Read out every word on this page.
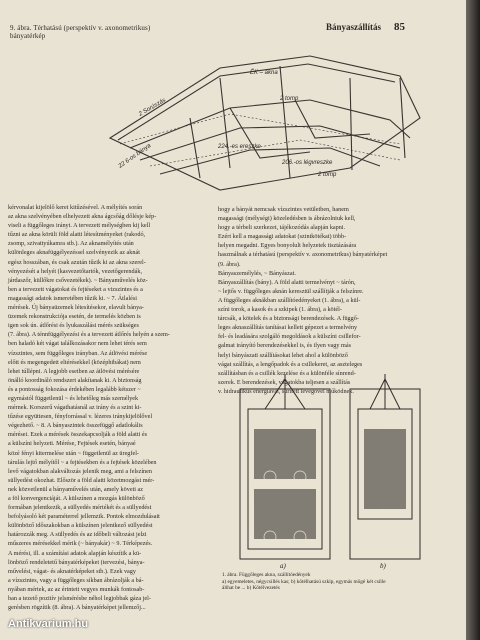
9. ábra. Térhatású (perspektív v. axonometrikus)
bányatérkép
Bányaszállítás 85
ÉK – akna
2 tomp
22 6-os bánya	224.-es ereszke
206.-os légvreszke
2 tomp
2 Sorúszás
kérvonalat kijelölő keret kitűzésével. A mélyítés során
az akna szelvényében elhelyezett akna ágcsőág dőlésje kép-
viseli a függőleges irányt. A tervezett mélységben kij kell
tűzni az akna körüli föld alatti létesítményeket (rakodó,
zsomp, szivattyúkamra stb.). Az aknamélyítés után
különleges aknafüggélyezéssel szelvényezik az aknát
egész hosszában, és csak azután tűzik ki az akna szerel-
vényezését a helyét (kasvezetőtartók, vezetőgerendák,
járdaszőr, küllőkre csővezetékek). ~ Bányaművelés köz-
ben a tervezett vágatokat és fejtéseket a vizszintes és a
magassági adatok ismeretében tűzik ki. ~ 7. Átlalési
mérések. Új bányaüzemek létesítésekor, elavult bánya-
üzemek rekonstrukciója esetén, de termelés közben is
igen sok ún. átlőrési és lyukaszálási mérés szükséges
(7. ábra). A ténnfüggélyezési és a tervezett átlőrés helyén a szem-
ben haladó két vágat találkozásakor nem lehet térés sem
vízszintes, sem függőleges irányban. Az átlövési mérése
előtt és megengedett eltérésekkel (középhibákat) nem
lehet túllépni. A legjobb esetben az átlövési mérésére
önálló koordináló rendszert alakítanak ki. A biztonság
és a pontosság fokozása érdekében legalább kétszer ~
egymástól függetlenül ~ és lehetőleg más személyek
mérnek. Korszerű vágathatásnál az irány és a szint ki-
tűzése együttesen, fényforrással v. lézeres iránykijelölővel
végezhető. ~ 8. A bányaszintek összefüggő adatlokális
mérései. Ezek a mérések összekapcsolják a föld alatti és
a külszíni helyzeti. Mérése, Fejtések esetén, bányaé
közé fényi kitermelése után ~ függetlenül az üregfel-
tárulás lejtő mélyítől ~ a fejtésekben és a fejtések közelében
levő vágatokban alakváltozás jelenik meg, ami a felszínen
süllyedést okozhat. Először a föld alatti közetmozgást mér-
nek közvetlenül a bányaművelés után, amely követi az
a föl konvergenciáját. A külszínen a mozgás különböző
formában jelentkezik, a süllyedés mértékét és a süllyedést
befolyásoló két paraméterrel jellemzik. Pontok elmozdulásait
különböző időszakokban a külszínen jelentkező süllyedést
határozzák meg. A süllyedés és az időbeli változást jelzi
műszeres mérésekkel mérik (~ bányakár) ~ 9. Térképezés.
A mérési, ill. a számítási adatok alapján készítik a kü-
lönböző rendeletetű bányatérképeket (tervezési, bánya-
művelési, vágat- és aknatérképeket stb.). Ezek vagy
a vízszintes, vagy a függőleges síkban ábrázolják a bá-
nyában mértek, az az érintett vegyes munkák fontosab-
ban a tezető pozitív jelsmérésbe néhol legjobbak gáza jel-
gerésben rögzítik (8. ábra). A bányatérképet jellemzőj...
hogy a bányát nemcsak vízszintes vetületben, hanem
magassági (mélységi) közeledésben is ábrázolniuk kell,
hogy a térbeli szerkezet, tájékozódás alapján kapni.
Ezért kell a magassági adatokat (szintkötékat) több-
helyen megadni. Egyes bonyolult helyzetek tisztázására
haszmálnak a térhatású (perspektív v. axonometrikus) bányatérképet
(9. ábra).
Bányaszemélylés, ~ Bányászat.
Bányaszállítás (bány). A föld alatti termelvényt ~ tárón,
~ lejtős v. függőleges aknán keresztül szállítják a felszínre.
A függőleges aknákban szállítóedényeket (1. ábra), a kül-
színi torok, a kasok és a szkipek (1. ábra), a kötél-
tárcsák, a kötelek és a biztonsági berendezések. A függő-
leges aknaszállítás tanításai kellett gépezet a termelvény
fel- és leadására szolgáló megoldások a külszíni csillefor-
galmat irányító berendezésekkel is, és ilyen vagy más
helyi bányászati szállításokat lehet ahol a különböző
vágat szállítás, a lengőpadok és a csillekeret, az aszteleges
szállításban és a csillék kezelése és a különféle sínrend-
szerek. E berendezések, vágatokba teljesen a szállítás
v. hidraulikus energiával, sűrített levegővel működnek.
a)	b)
1. ábra. Függőleges akna, szállítóedények
a) egyemeletes, négycsillés kas; b) kötélhatású szkip, egymás mögé két csille
álihat be ... b) Kötélvezetés
Antikvarium.hu
